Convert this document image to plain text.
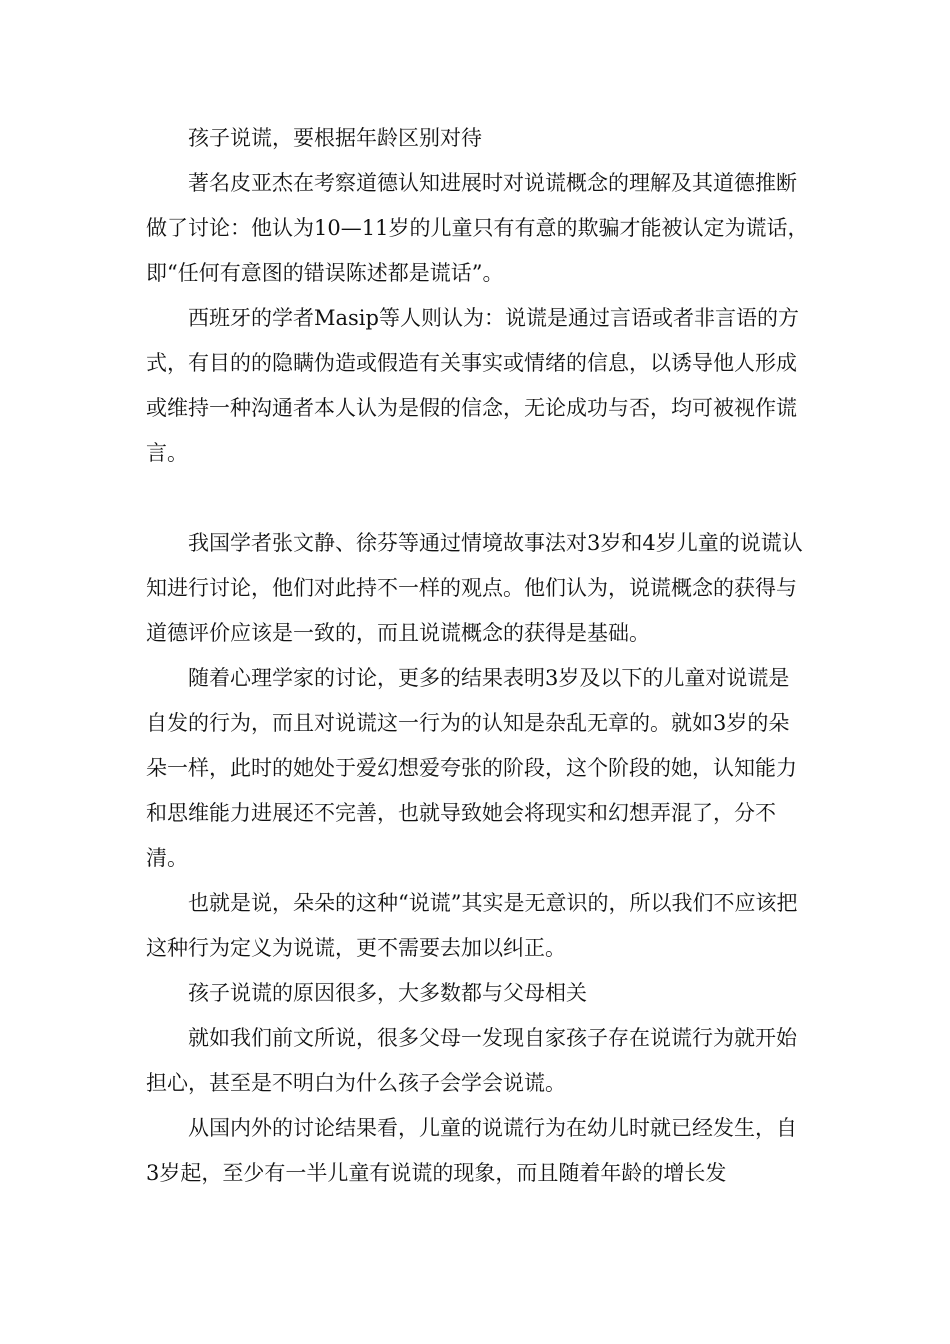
孩子说谎，要根据年龄区别对待

著名皮亚杰在考察道德认知进展时对说谎概念的理解及其道德推断做了讨论：他认为10—11岁的儿童只有有意的欺骗才能被认定为谎话，即“任何有意图的错误陈述都是谎话”。

西班牙的学者Masip等人则认为：说谎是通过言语或者非言语的方式，有目的的隐瞒伪造或假造有关事实或情绪的信息，以诱导他人形成或维持一种沟通者本人认为是假的信念，无论成功与否，均可被视作谎言。

我国学者张文静、徐芬等通过情境故事法对3岁和4岁儿童的说谎认知进行讨论，他们对此持不一样的观点。他们认为，说谎概念的获得与道德评价应该是一致的，而且说谎概念的获得是基础。

随着心理学家的讨论，更多的结果表明3岁及以下的儿童对说谎是自发的行为，而且对说谎这一行为的认知是杂乱无章的。就如3岁的朵朵一样，此时的她处于爱幻想爱夸张的阶段，这个阶段的她，认知能力和思维能力进展还不完善，也就导致她会将现实和幻想弄混了，分不清。

也就是说，朵朵的这种“说谎”其实是无意识的，所以我们不应该把这种行为定义为说谎，更不需要去加以纠正。

孩子说谎的原因很多，大多数都与父母相关

就如我们前文所说，很多父母一发现自家孩子存在说谎行为就开始担心，甚至是不明白为什么孩子会学会说谎。

从国内外的讨论结果看，儿童的说谎行为在幼儿时就已经发生，自3岁起，至少有一半儿童有说谎的现象，而且随着年龄的增长发
